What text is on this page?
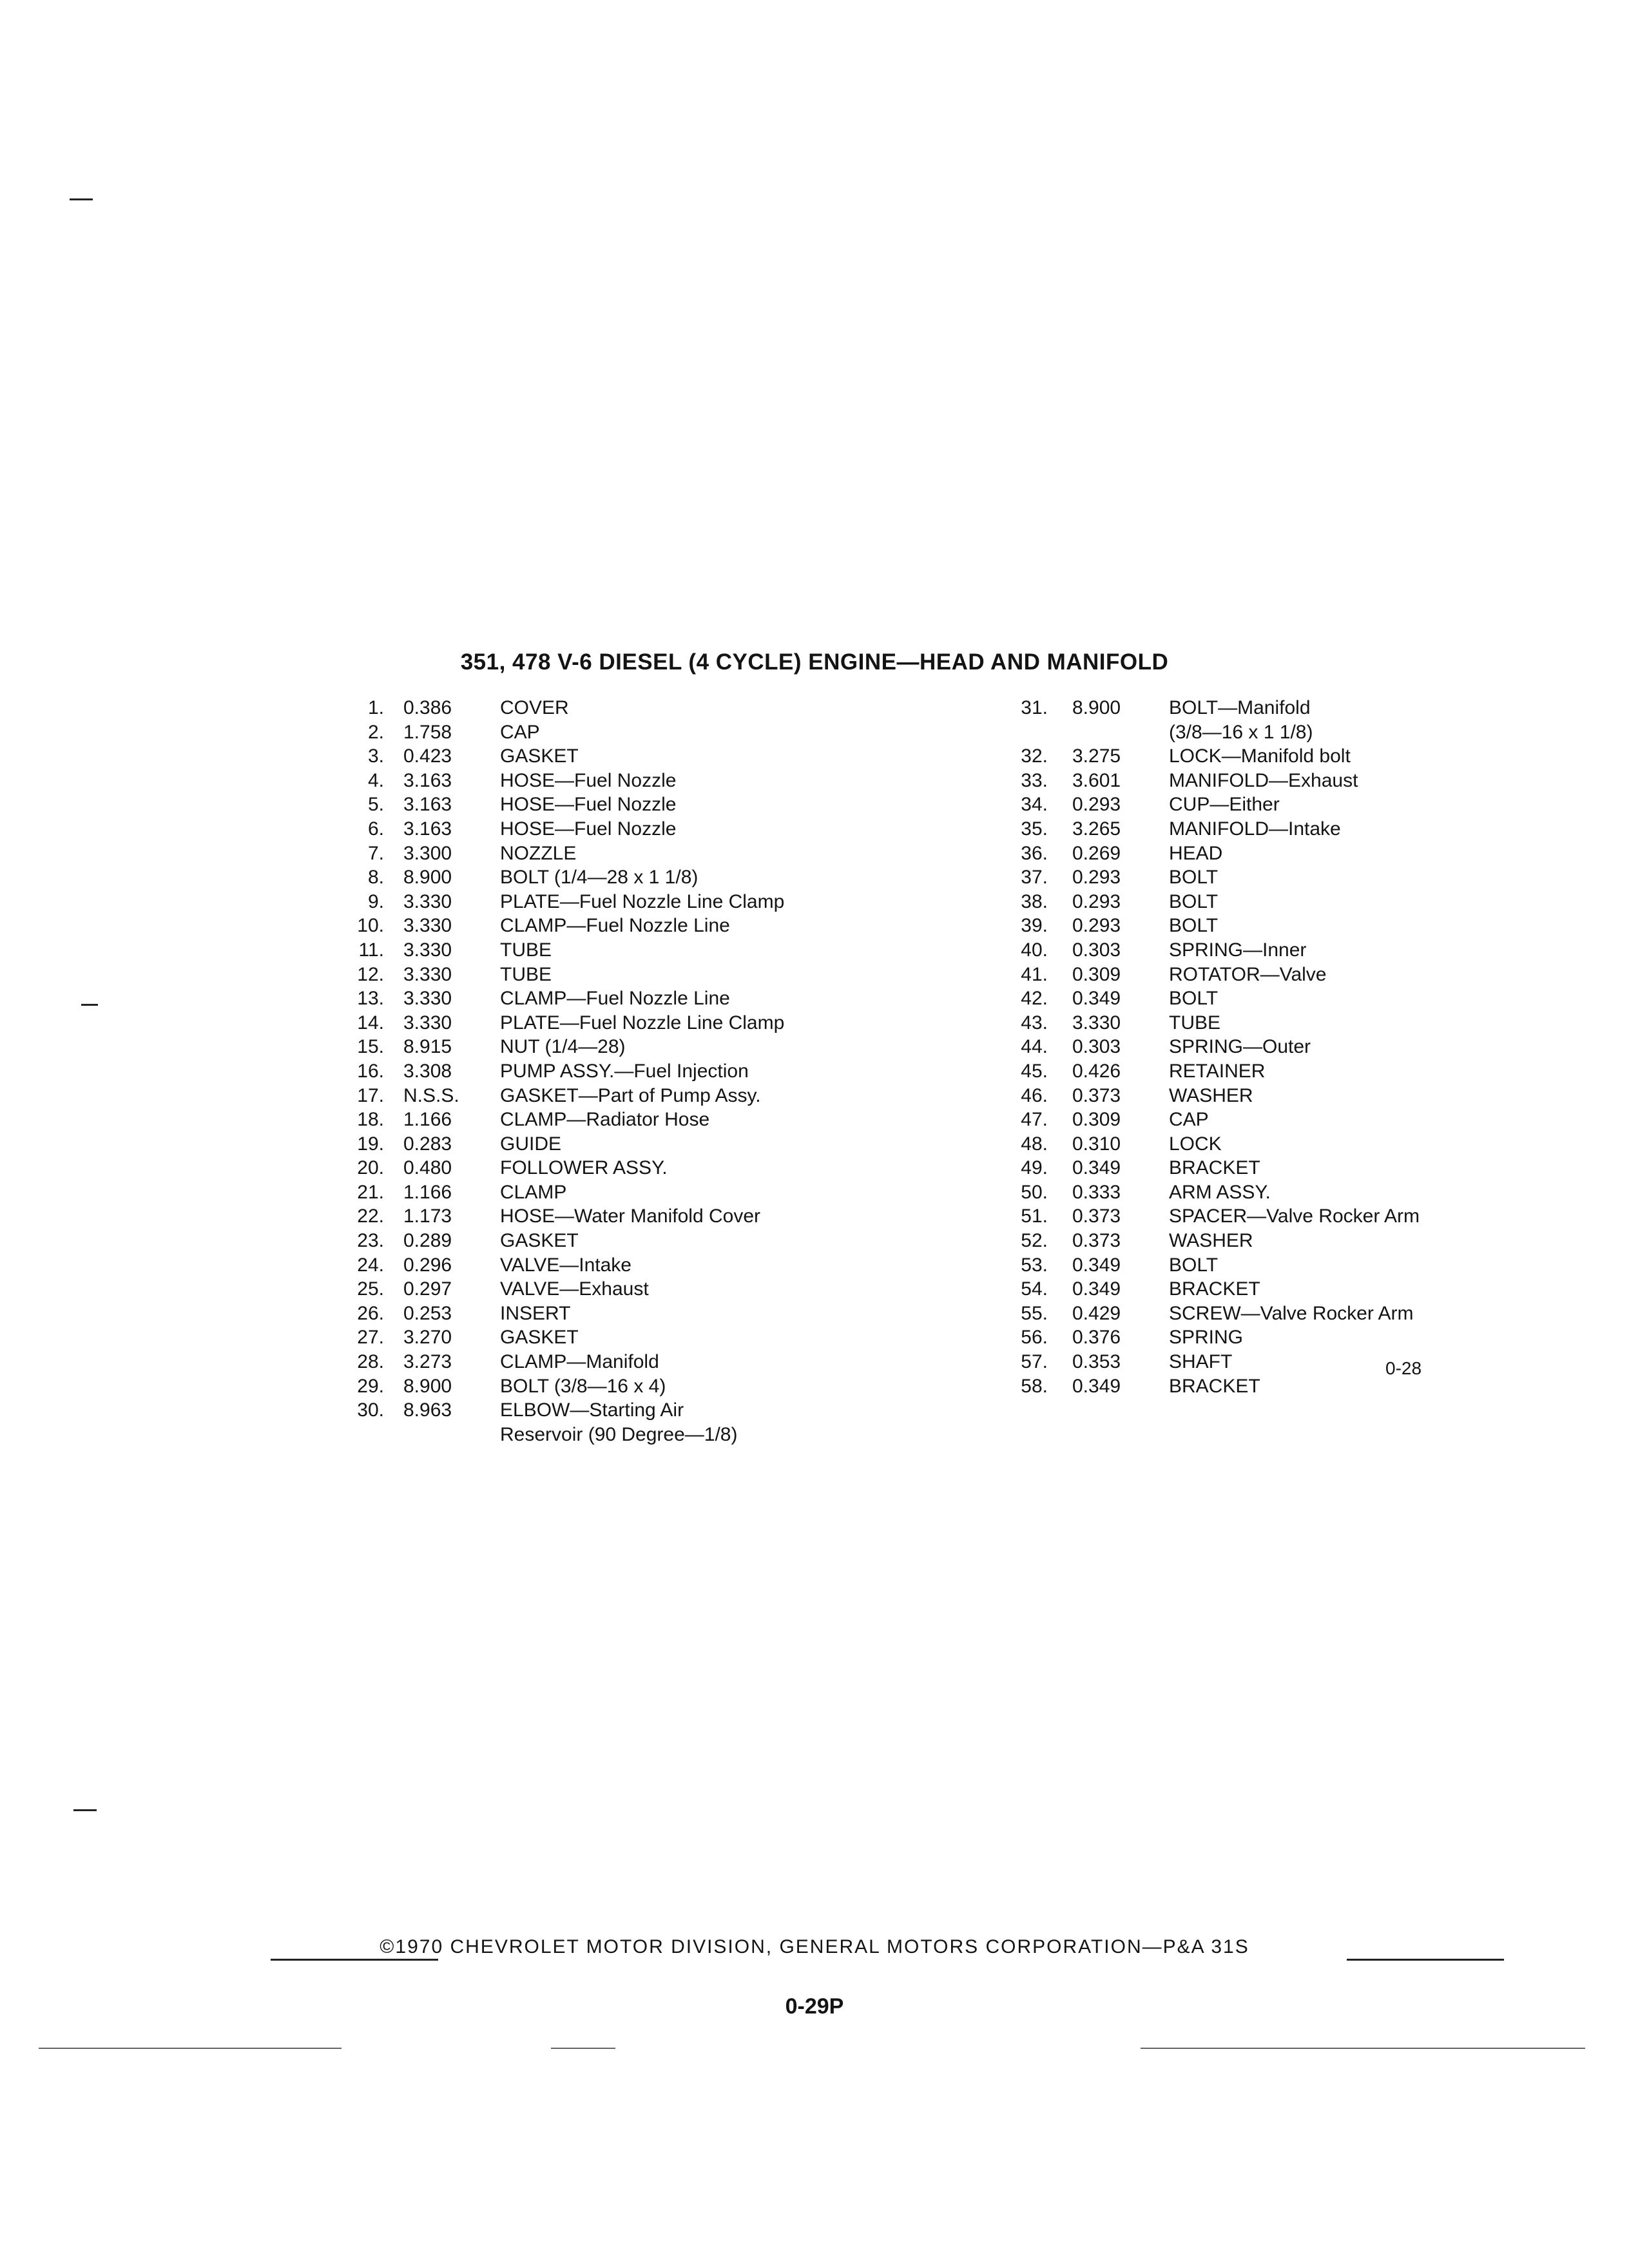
351, 478 V-6 DIESEL (4 CYCLE) ENGINE—HEAD AND MANIFOLD
1. 0.386 COVER
2. 1.758 CAP
3. 0.423 GASKET
4. 3.163 HOSE—Fuel Nozzle
5. 3.163 HOSE—Fuel Nozzle
6. 3.163 HOSE—Fuel Nozzle
7. 3.300 NOZZLE
8. 8.900 BOLT (1/4—28 x 1 1/8)
9. 3.330 PLATE—Fuel Nozzle Line Clamp
10. 3.330 CLAMP—Fuel Nozzle Line
11. 3.330 TUBE
12. 3.330 TUBE
13. 3.330 CLAMP—Fuel Nozzle Line
14. 3.330 PLATE—Fuel Nozzle Line Clamp
15. 8.915 NUT (1/4—28)
16. 3.308 PUMP ASSY.—Fuel Injection
17. N.S.S. GASKET—Part of Pump Assy.
18. 1.166 CLAMP—Radiator Hose
19. 0.283 GUIDE
20. 0.480 FOLLOWER ASSY.
21. 1.166 CLAMP
22. 1.173 HOSE—Water Manifold Cover
23. 0.289 GASKET
24. 0.296 VALVE—Intake
25. 0.297 VALVE—Exhaust
26. 0.253 INSERT
27. 3.270 GASKET
28. 3.273 CLAMP—Manifold
29. 8.900 BOLT (3/8—16 x 4)
30. 8.963 ELBOW—Starting Air
Reservoir (90 Degree—1/8)
31. 8.900 BOLT—Manifold
(3/8—16 x 1 1/8)
32. 3.275 LOCK—Manifold bolt
33. 3.601 MANIFOLD—Exhaust
34. 0.293 CUP—Either
35. 3.265 MANIFOLD—Intake
36. 0.269 HEAD
37. 0.293 BOLT
38. 0.293 BOLT
39. 0.293 BOLT
40. 0.303 SPRING—Inner
41. 0.309 ROTATOR—Valve
42. 0.349 BOLT
43. 3.330 TUBE
44. 0.303 SPRING—Outer
45. 0.426 RETAINER
46. 0.373 WASHER
47. 0.309 CAP
48. 0.310 LOCK
49. 0.349 BRACKET
50. 0.333 ARM ASSY.
51. 0.373 SPACER—Valve Rocker Arm
52. 0.373 WASHER
53. 0.349 BOLT
54. 0.349 BRACKET
55. 0.429 SCREW—Valve Rocker Arm
56. 0.376 SPRING
57. 0.353 SHAFT
58. 0.349 BRACKET
0-28
©1970 CHEVROLET MOTOR DIVISION, GENERAL MOTORS CORPORATION—P&A 31S
0-29P
